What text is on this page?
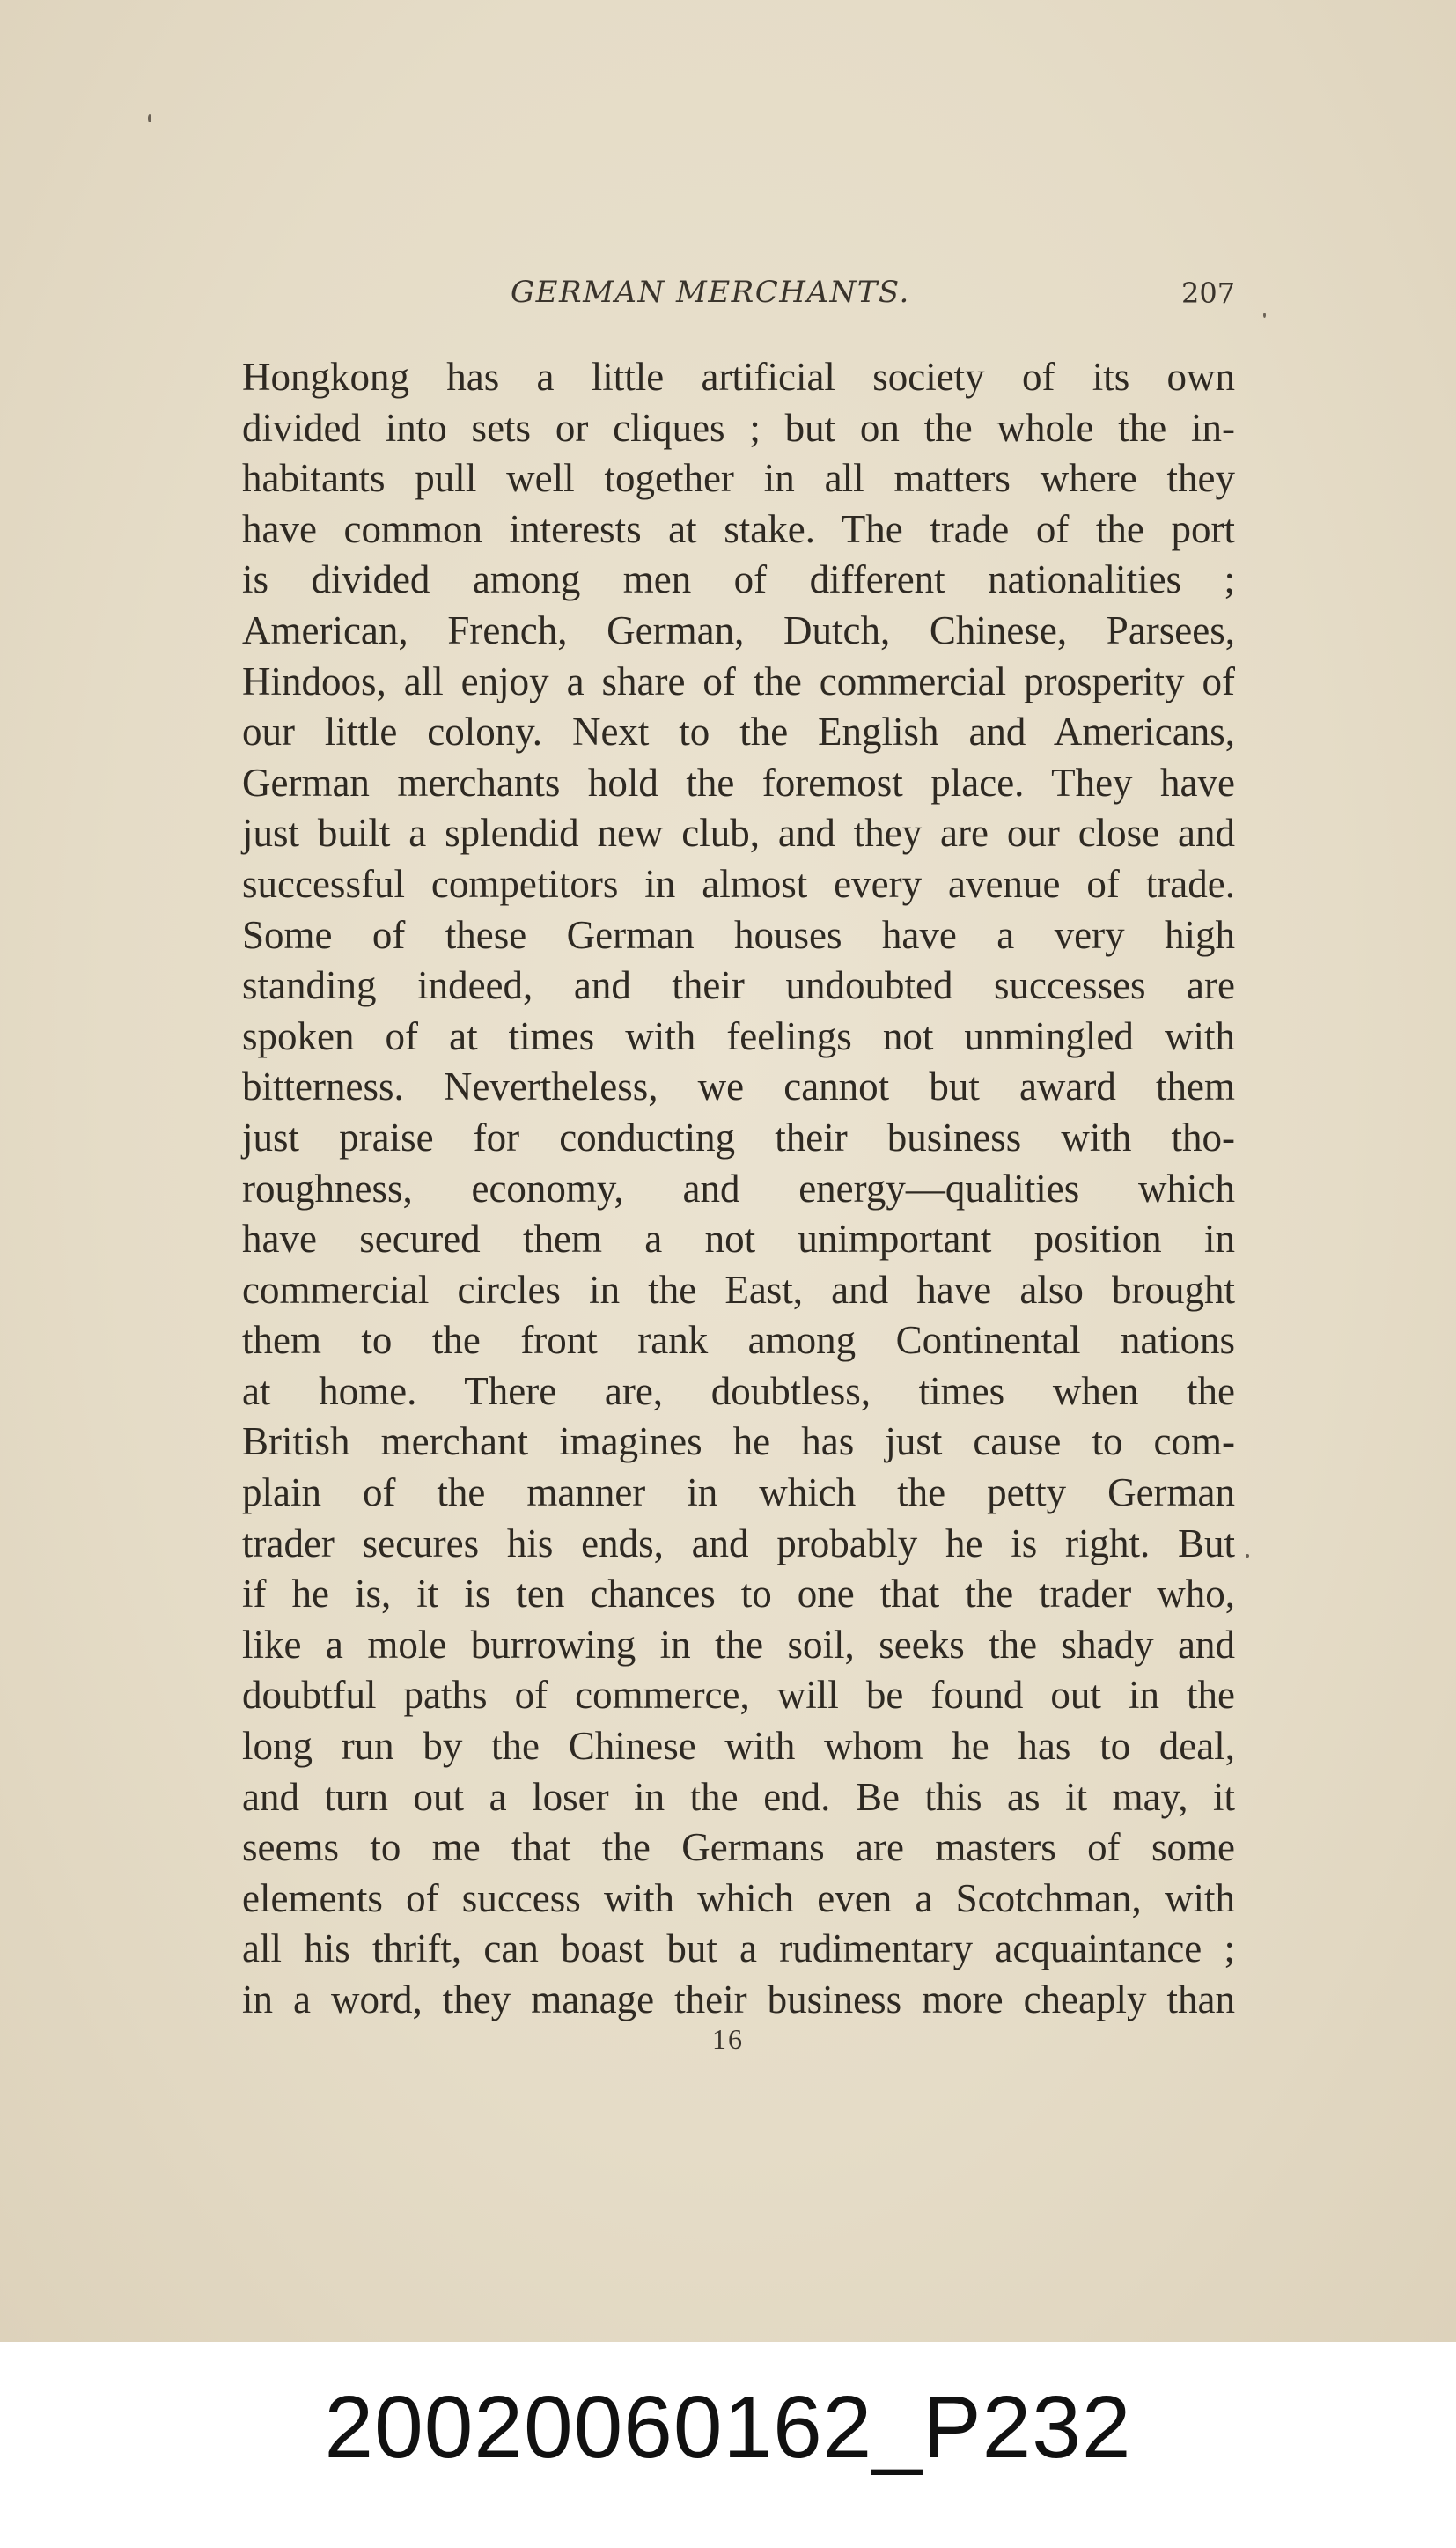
GERMAN MERCHANTS.	207
Hongkong has a little artificial society of its own
divided into sets or cliques ; but on the whole the in-
habitants pull well together in all matters where they
have common interests at stake. The trade of the port
is divided among men of different nationalities ;
American, French, German, Dutch, Chinese, Parsees,
Hindoos, all enjoy a share of the commercial prosperity of
our little colony. Next to the English and Americans,
German merchants hold the foremost place. They have
just built a splendid new club, and they are our close and
successful competitors in almost every avenue of trade.
Some of these German houses have a very high
standing indeed, and their undoubted successes are
spoken of at times with feelings not unmingled with
bitterness. Nevertheless, we cannot but award them
just praise for conducting their business with tho-
roughness, economy, and energy—qualities which
have secured them a not unimportant position in
commercial circles in the East, and have also brought
them to the front rank among Continental nations
at home. There are, doubtless, times when the
British merchant imagines he has just cause to com-
plain of the manner in which the petty German
trader secures his ends, and probably he is right. But
if he is, it is ten chances to one that the trader who,
like a mole burrowing in the soil, seeks the shady and
doubtful paths of commerce, will be found out in the
long run by the Chinese with whom he has to deal,
and turn out a loser in the end. Be this as it may, it
seems to me that the Germans are masters of some
elements of success with which even a Scotchman, with
all his thrift, can boast but a rudimentary acquaintance ;
in a word, they manage their business more cheaply than
16
20020060162_P232
